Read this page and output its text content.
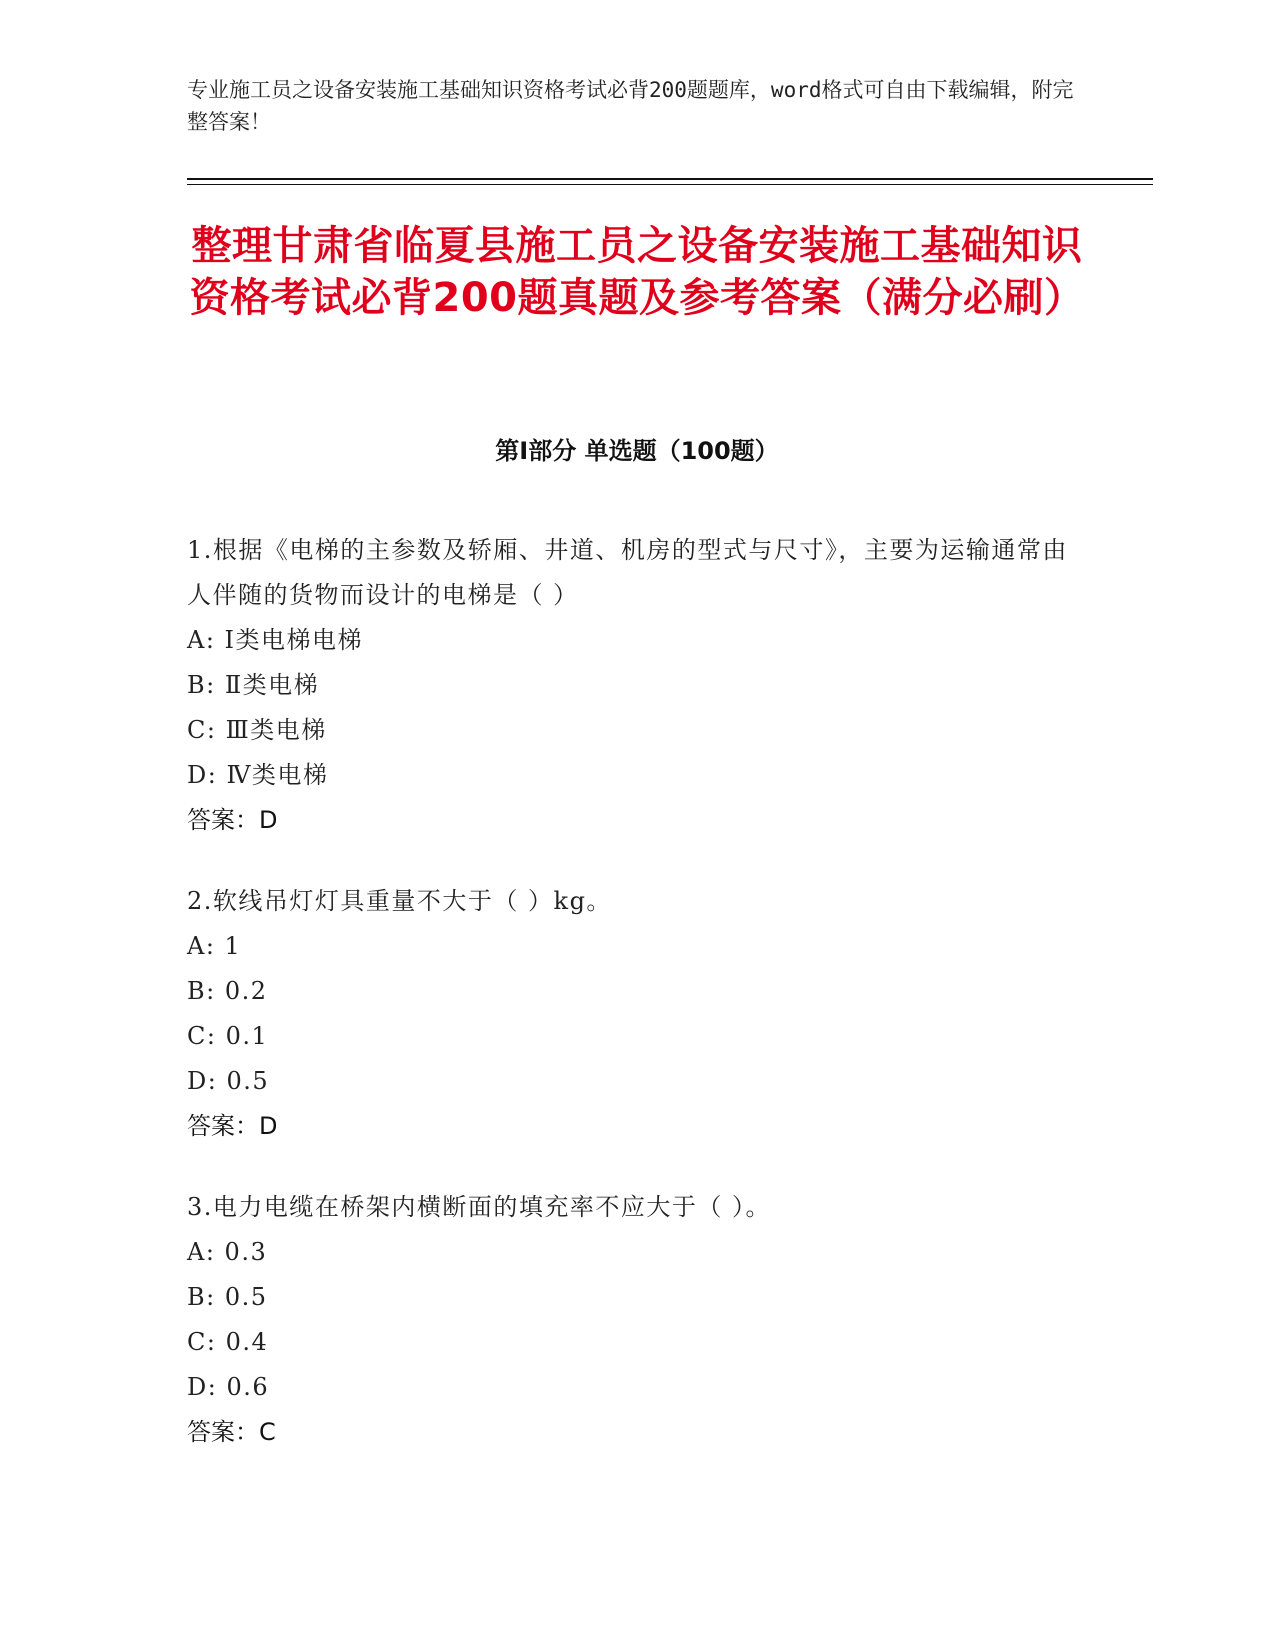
专业施工员之设备安装施工基础知识资格考试必背200题题库，word格式可自由下载编辑，附完整答案！
整理甘肃省临夏县施工员之设备安装施工基础知识资格考试必背200题真题及参考答案（满分必刷）
第Ⅰ部分 单选题（100题）
1.根据《电梯的主参数及轿厢、井道、机房的型式与尺寸》，主要为运输通常由人伴随的货物而设计的电梯是（ ）
A: Ⅰ类电梯电梯
B: Ⅱ类电梯
C: Ⅲ类电梯
D: Ⅳ类电梯
答案：D
2.软线吊灯灯具重量不大于（ ）kg。
A: 1
B: 0.2
C: 0.1
D: 0.5
答案：D
3.电力电缆在桥架内横断面的填充率不应大于（ ）。
A: 0.3
B: 0.5
C: 0.4
D: 0.6
答案：C
